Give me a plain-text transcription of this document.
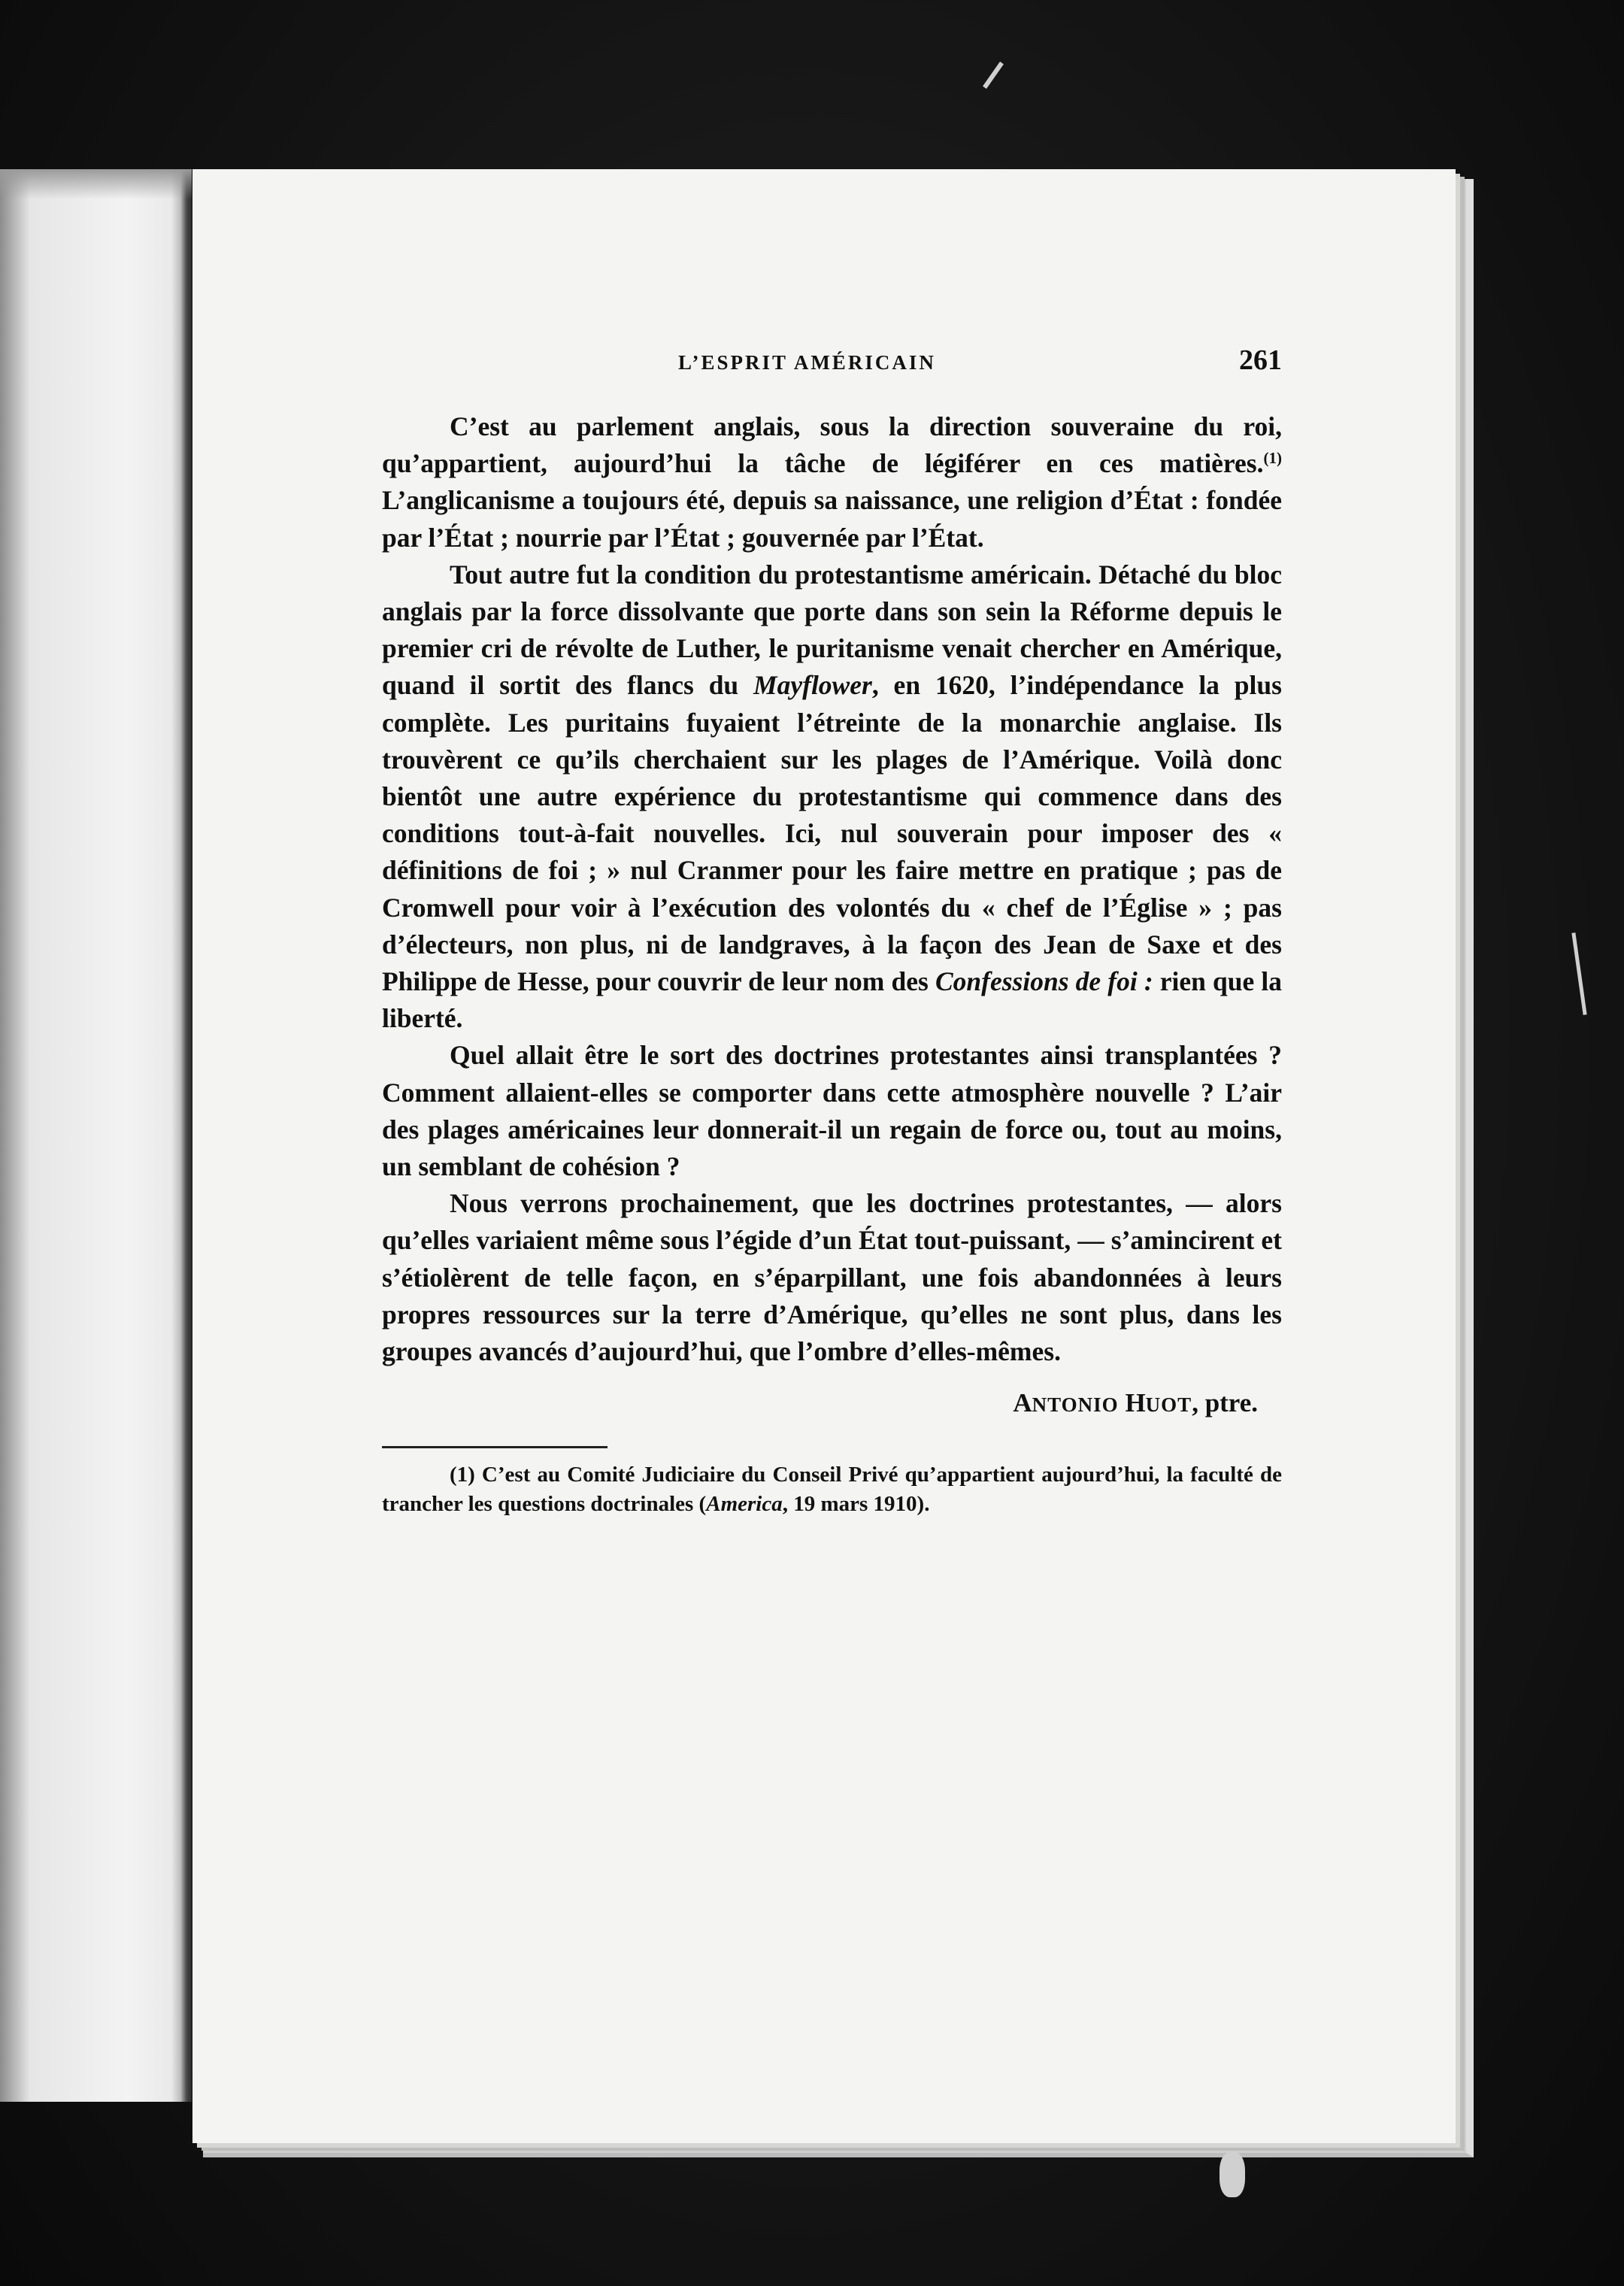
L’ESPRIT AMÉRICAIN	261

C’est au parlement anglais, sous la direction souveraine du roi, qu’appartient, aujourd’hui la tâche de légiférer en ces matières.$^{(1)}$ L’anglicanisme a toujours été, depuis sa naissance, une religion d’État : fondée par l’État ; nourrie par l’État ; gouvernée par l’État.

Tout autre fut la condition du protestantisme américain. Détaché du bloc anglais par la force dissolvante que porte dans son sein la Réforme depuis le premier cri de révolte de Luther, le puritanisme venait chercher en Amérique, quand il sortit des flancs du Mayflower, en 1620, l’indépendance la plus complète. Les puritains fuyaient l’étreinte de la monarchie anglaise. Ils trouvèrent ce qu’ils cherchaient sur les plages de l’Amérique. Voilà donc bientôt une autre expérience du protestantisme qui commence dans des conditions tout-à-fait nouvelles. Ici, nul souverain pour imposer des « définitions de foi ; » nul Cranmer pour les faire mettre en pratique ; pas de Cromwell pour voir à l’exécution des volontés du « chef de l’Église » ; pas d’électeurs, non plus, ni de landgraves, à la façon des Jean de Saxe et des Philippe de Hesse, pour couvrir de leur nom des Confessions de foi : rien que la liberté.

Quel allait être le sort des doctrines protestantes ainsi transplantées ? Comment allaient-elles se comporter dans cette atmosphère nouvelle ? L’air des plages américaines leur donnerait-il un regain de force ou, tout au moins, un semblant de cohésion ?

Nous verrons prochainement, que les doctrines protestantes, — alors qu’elles variaient même sous l’égide d’un État tout-puissant, — s’amincirent et s’étiolèrent de telle façon, en s’éparpillant, une fois abandonnées à leurs propres ressources sur la terre d’Amérique, qu’elles ne sont plus, dans les groupes avancés d’aujourd’hui, que l’ombre d’elles-mêmes.

ANTONIO HUOT, ptre.
(1) C’est au Comité Judiciaire du Conseil Privé qu’appartient aujourd’hui, la faculté de trancher les questions doctrinales (America, 19 mars 1910).
